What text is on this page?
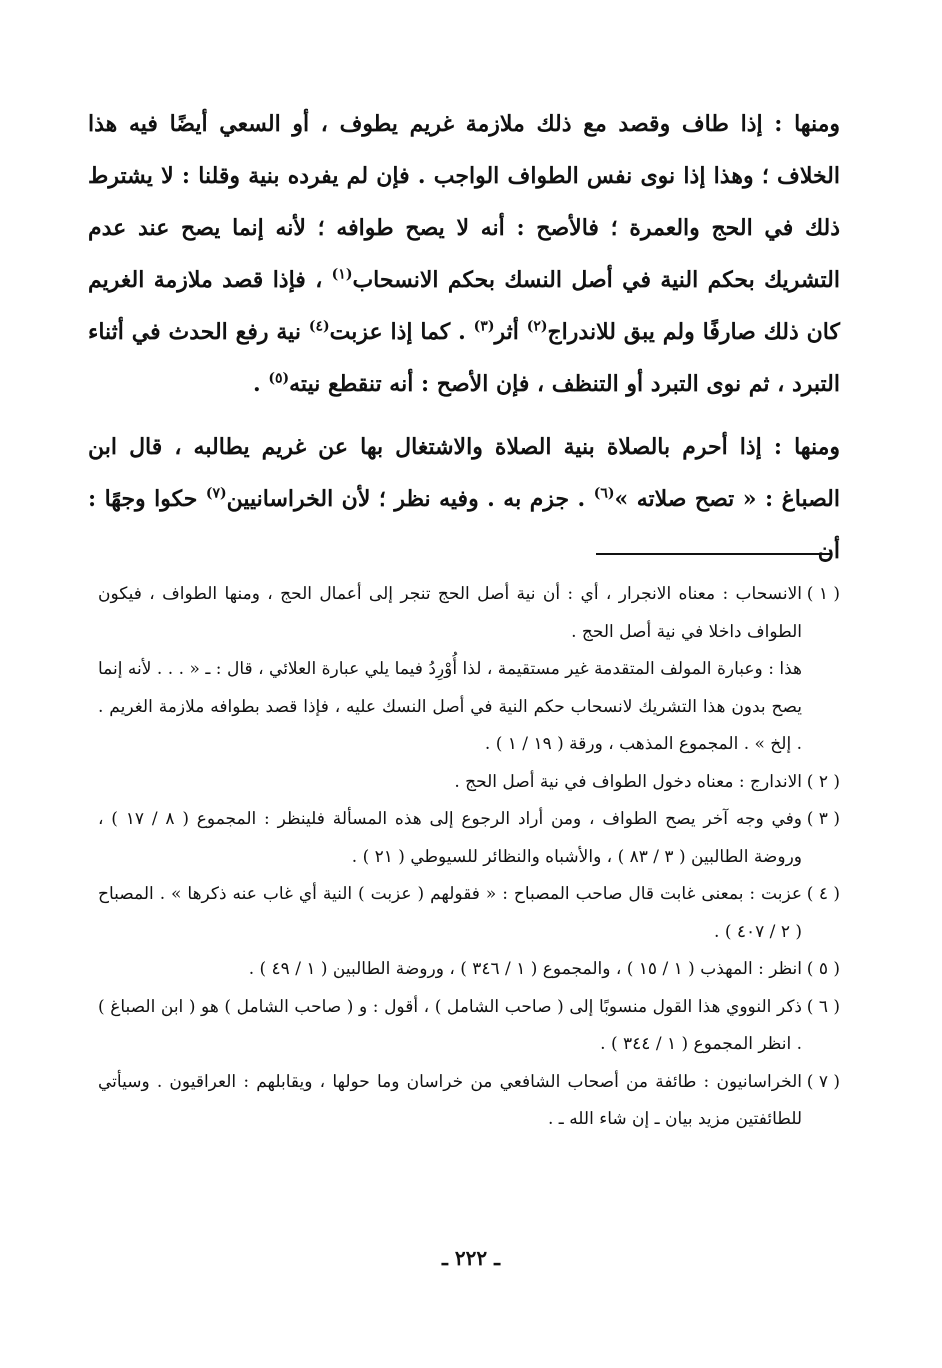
ومنها : إذا طاف وقصد مع ذلك ملازمة غريم يطوف ، أو السعي أيضًا فيه هذا الخلاف ؛ وهذا إذا نوى نفس الطواف الواجب . فإن لم يفرده بنية وقلنا : لا يشترط ذلك في الحج والعمرة ؛ فالأصح : أنه لا يصح طوافه ؛ لأنه إنما يصح عند عدم التشريك بحكم النية في أصل النسك بحكم الانسحاب$^{(١)}$ ، فإذا قصد ملازمة الغريم كان ذلك صارفًا ولم يبق للاندراج$^{(٢)}$ أثر$^{(٣)}$ . كما إذا عزبت$^{(٤)}$ نية رفع الحدث في أثناء التبرد ، ثم نوى التبرد أو التنظف ، فإن الأصح : أنه تنقطع نيته$^{(٥)}$ .

ومنها : إذا أحرم بالصلاة بنية الصلاة والاشتغال بها عن غريم يطالبه ، قال ابن الصباغ : « تصح صلاته »$^{(٦)}$ . جزم به . وفيه نظر ؛ لأن الخراسانيين$^{(٧)}$ حكوا وجهًا : أن

( ١ )الانسحاب : معناه الانجرار ، أي : أن نية أصل الحج تنجر إلى أعمال الحج ، ومنها الطواف ، فيكون الطواف داخلا في نية أصل الحج .

هذا : وعبارة المولف المتقدمة غير مستقيمة ، لذا أُوْرِدُ فيما يلي عبارة العلائي ، قال : ـ « . . . لأنه إنما يصح بدون هذا التشريك لانسحاب حكم النية في أصل النسك عليه ، فإذا قصد بطوافه ملازمة الغريم . . إلخ » . المجموع المذهب ، ورقة ( ١٩ / ١ ) .

( ٢ )الاندارج : معناه دخول الطواف في نية أصل الحج .

( ٣ )وفي وجه آخر يصح الطواف ، ومن أراد الرجوع إلى هذه المسألة فلينظر : المجموع ( ٨ / ١٧ ) ، وروضة الطالبين ( ٣ / ٨٣ ) ، والأشباه والنظائر للسيوطي ( ٢١ ) .

( ٤ )عزبت : بمعنى غابت قال صاحب المصباح : « فقولهم ( عزبت ) النية أي غاب عنه ذكرها » . المصباح ( ٢ / ٤٠٧ ) .

( ٥ )انظر : المهذب ( ١ / ١٥ ) ، والمجموع ( ١ / ٣٤٦ ) ، وروضة الطالبين ( ١ / ٤٩ ) .

( ٦ )ذكر النووي هذا القول منسوبًا إلى ( صاحب الشامل ) ، أقول : و ( صاحب الشامل ) هو ( ابن الصباغ ) . انظر المجموع ( ١ / ٣٤٤ ) .

( ٧ )الخراسانيون : طائفة من أصحاب الشافعي من خراسان وما حولها ، ويقابلهم : العراقيون . وسيأتي للطائفتين مزيد بيان ـ إن شاء الله ـ .

ـ ٢٢٢ ـ
